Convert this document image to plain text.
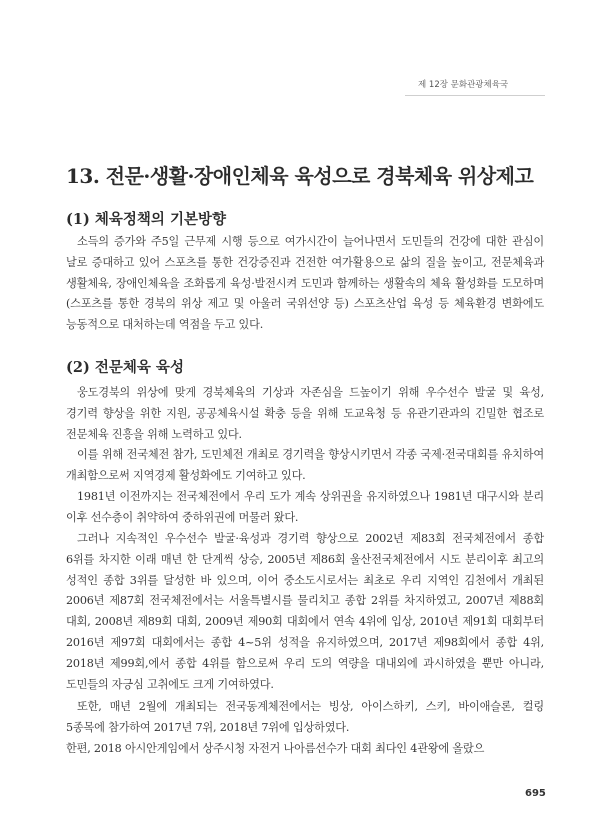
제 12장 문화관광체육국
13. 전문·생활·장애인체육 육성으로 경북체육 위상제고
(1) 체육정책의 기본방향
소득의 증가와 주5일 근무제 시행 등으로 여가시간이 늘어나면서 도민들의 건강에 대한 관심이 날로 증대하고 있어 스포츠를 통한 건강증진과 건전한 여가활용으로 삶의 질을 높이고, 전문체육과 생활체육, 장애인체육을 조화롭게 육성·발전시켜 도민과 함께하는 생활속의 체육 활성화를 도모하며(스포츠를 통한 경북의 위상 제고 및 아울러 국위선양 등) 스포츠산업 육성 등 체육환경 변화에도 능동적으로 대처하는데 역점을 두고 있다.
(2) 전문체육 육성
웅도경북의 위상에 맞게 경북체육의 기상과 자존심을 드높이기 위해 우수선수 발굴 및 육성, 경기력 향상을 위한 지원, 공공체육시설 확충 등을 위해 도교육청 등 유관기관과의 긴밀한 협조로 전문체육 진흥을 위해 노력하고 있다.
이를 위해 전국체전 참가, 도민체전 개최로 경기력을 향상시키면서 각종 국제·전국대회를 유치하여 개최함으로써 지역경제 활성화에도 기여하고 있다.
1981년 이전까지는 전국체전에서 우리 도가 계속 상위권을 유지하였으나 1981년 대구시와 분리 이후 선수층이 취약하여 중하위권에 머물러 왔다.
그러나 지속적인 우수선수 발굴·육성과 경기력 향상으로 2002년 제83회 전국체전에서 종합 6위를 차지한 이래 매년 한 단계씩 상승, 2005년 제86회 울산전국체전에서 시도 분리이후 최고의 성적인 종합 3위를 달성한 바 있으며, 이어 중소도시로서는 최초로 우리 지역인 김천에서 개최된 2006년 제87회 전국체전에서는 서울특별시를 물리치고 종합 2위를 차지하였고, 2007년 제88회 대회, 2008년 제89회 대회, 2009년 제90회 대회에서 연속 4위에 입상, 2010년 제91회 대회부터 2016년 제97회 대회에서는 종합 4~5위 성적을 유지하였으며, 2017년 제98회에서 종합 4위, 2018년 제99회,에서 종합 4위를 함으로써 우리 도의 역량을 대내외에 과시하였을 뿐만 아니라, 도민들의 자긍심 고취에도 크게 기여하였다.
또한, 매년 2월에 개최되는 전국동계체전에서는 빙상, 아이스하키, 스키, 바이애슬론, 컬링 5종목에 참가하여 2017년 7위, 2018년 7위에 입상하였다.
한편, 2018 아시안게임에서 상주시청 자전거 나아름선수가 대회 최다인 4관왕에 올랐으
695
